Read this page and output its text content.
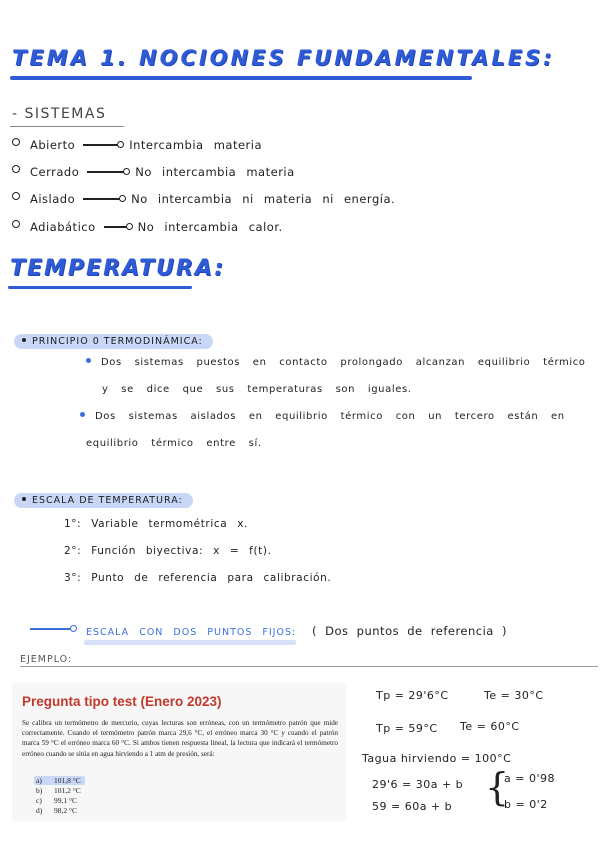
TEMA 1. NOCIONES FUNDAMENTALES:
- SISTEMAS
Abierto	Intercambia materia
Cerrado	No intercambia materia
Aislado	No intercambia ni materia ni energía.
Adiabático	No intercambia calor.
TEMPERATURA:
PRINCIPIO 0 TERMODINÁMICA:
Dos sistemas puestos en contacto prolongado alcanzan equilibrio térmico
y se dice que sus temperaturas son iguales.
Dos sistemas aislados en equilibrio térmico con un tercero están en
equilibrio térmico entre sí.
ESCALA DE TEMPERATURA:
1°: Variable termométrica x.
2°: Función biyectiva: x = f(t).
3°: Punto de referencia para calibración.
ESCALA CON DOS PUNTOS FIJOS: ( Dos puntos de referencia )
EJEMPLO:
Pregunta tipo test (Enero 2023)
Se calibra un termómetro de mercurio, cuyas lecturas son erróneas, con un termómetro patrón que mide correctamente. Cuando el termómetro patrón marca 29,6 °C, el erróneo marca 30 °C y cuando el patrón marca 59 °C el erróneo marca 60 °C. Si ambos tienen respuesta lineal, la lectura que indicará el termómetro erróneo cuando se sitúa en agua hirviendo a 1 atm de presión, será:
a) 101,8 °C
b) 101,2 °C
c) 99,1 °C
d) 98,2 °C
Tp = 29'6°C	Te = 30°C
Tp = 59°C Te = 60°C
Tagua hirviendo = 100°C
29'6 = 30a + b
59 = 60a + b {
a = 0'98
b = 0'2
